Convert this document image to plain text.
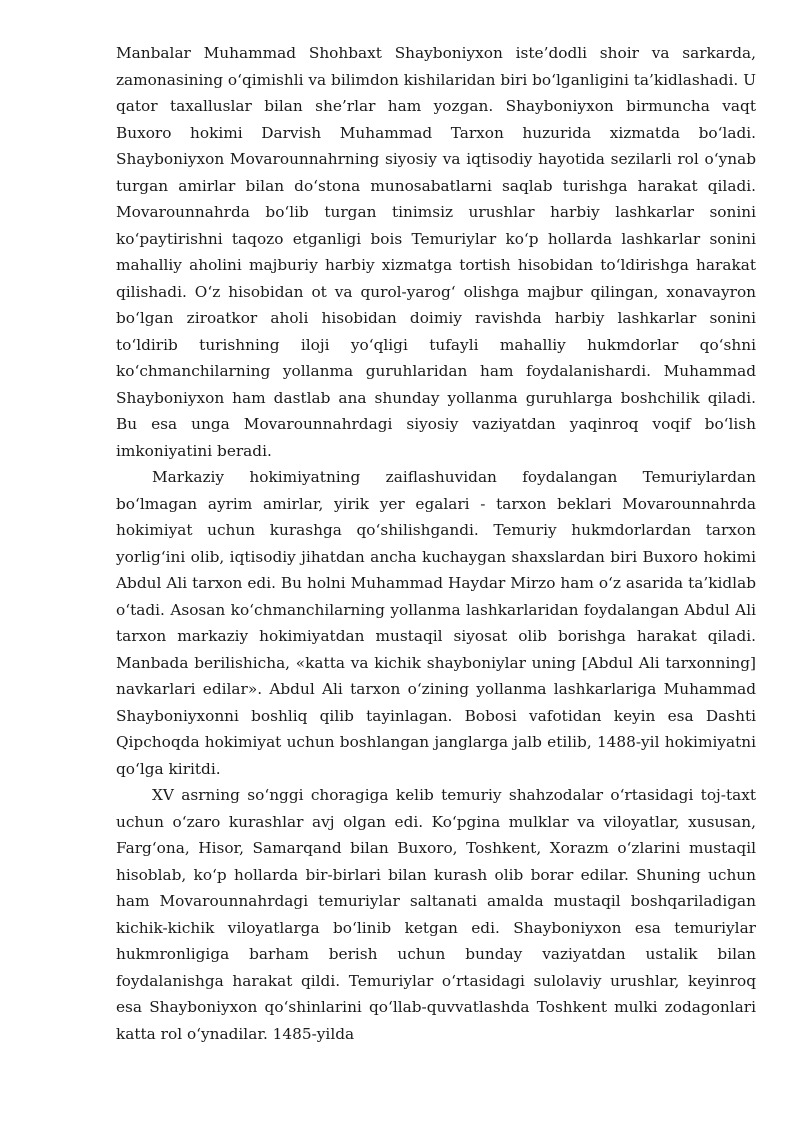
Manbalar Muhammad Shohbaxt Shayboniyxon iste’dodli shoir va sarkarda, zamonasining o‘qimishli va bilimdon kishilaridan biri bo‘lganligini ta’kidlashadi. U qator taxalluslar bilan she’rlar ham yozgan. Shayboniyxon birmuncha vaqt Buxoro hokimi Darvish Muhammad Tarxon huzurida xizmatda bo‘ladi. Shayboniyxon Movarounnahrning siyosiy va iqtisodiy hayotida sezilarli rol o‘ynab turgan amirlar bilan do‘stona munosabatlarni saqlab turishga harakat qiladi. Movarounnahrda bo‘lib turgan tinimsiz urushlar harbiy lashkarlar sonini ko‘paytirishni taqozo etganligi bois Temuriylar ko‘p hollarda lashkarlar sonini mahalliy aholini majburiy harbiy xizmatga tortish hisobidan to‘ldirishga harakat qilishadi. O‘z hisobidan ot va qurol-yarog‘ olishga majbur qilingan, xonavayron bo‘lgan ziroatkor aholi hisobidan doimiy ravishda harbiy lashkarlar sonini to‘ldirib turishning iloji yo‘qligi tufayli mahalliy hukmdorlar qo‘shni ko‘chmanchilarning yollanma guruhlaridan ham foydalanishardi. Muhammad Shayboniyxon ham dastlab ana shunday yollanma guruhlarga boshchilik qiladi. Bu esa unga Movarounnahrdagi siyosiy vaziyatdan yaqinroq voqif bo‘lish imkoniyatini beradi.

Markaziy hokimiyatning zaiflashuvidan foydalangan Temuriylardan bo‘lmagan ayrim amirlar, yirik yer egalari - tarxon beklari Movarounnahrda hokimiyat uchun kurashga qo‘shilishgandi. Temuriy hukmdorlardan tarxon yorlig‘ini olib, iqtisodiy jihatdan ancha kuchaygan shaxslardan biri Buxoro hokimi Abdul Ali tarxon edi. Bu holni Muhammad Haydar Mirzo ham o‘z asarida ta’kidlab o‘tadi. Asosan ko‘chmanchilarning yollanma lashkarlaridan foydalangan Abdul Ali tarxon markaziy hokimiyatdan mustaqil siyosat olib borishga harakat qiladi. Manbada berilishicha, «katta va kichik shayboniylar uning [Abdul Ali tarxonning] navkarlari edilar». Abdul Ali tarxon o‘zining yollanma lashkarlariga Muhammad Shayboniyxonni boshliq qilib tayinlagan. Bobosi vafotidan keyin esa Dashti Qipchoqda hokimiyat uchun boshlangan janglarga jalb etilib, 1488-yil hokimiyatni qo‘lga kiritdi.

XV asrning so‘nggi choragiga kelib temuriy shahzodalar o‘rtasidagi toj-taxt uchun o‘zaro kurashlar avj olgan edi. Ko‘pgina mulklar va viloyatlar, xususan, Farg‘ona, Hisor, Samarqand bilan Buxoro, Toshkent, Xorazm o‘zlarini mustaqil hisoblab, ko‘p hollarda bir-birlari bilan kurash olib borar edilar. Shuning uchun ham Movarounnahrdagi temuriylar saltanati amalda mustaqil boshqariladigan kichik-kichik viloyatlarga bo‘linib ketgan edi. Shayboniyxon esa temuriylar hukmronligiga barham berish uchun bunday vaziyatdan ustalik bilan foydalanishga harakat qildi. Temuriylar o‘rtasidagi sulolaviy urushlar, keyinroq esa Shayboniyxon qo‘shinlarini qo‘llab-quvvatlashda Toshkent mulki zodagonlari katta rol o‘ynadilar. 1485-yilda
